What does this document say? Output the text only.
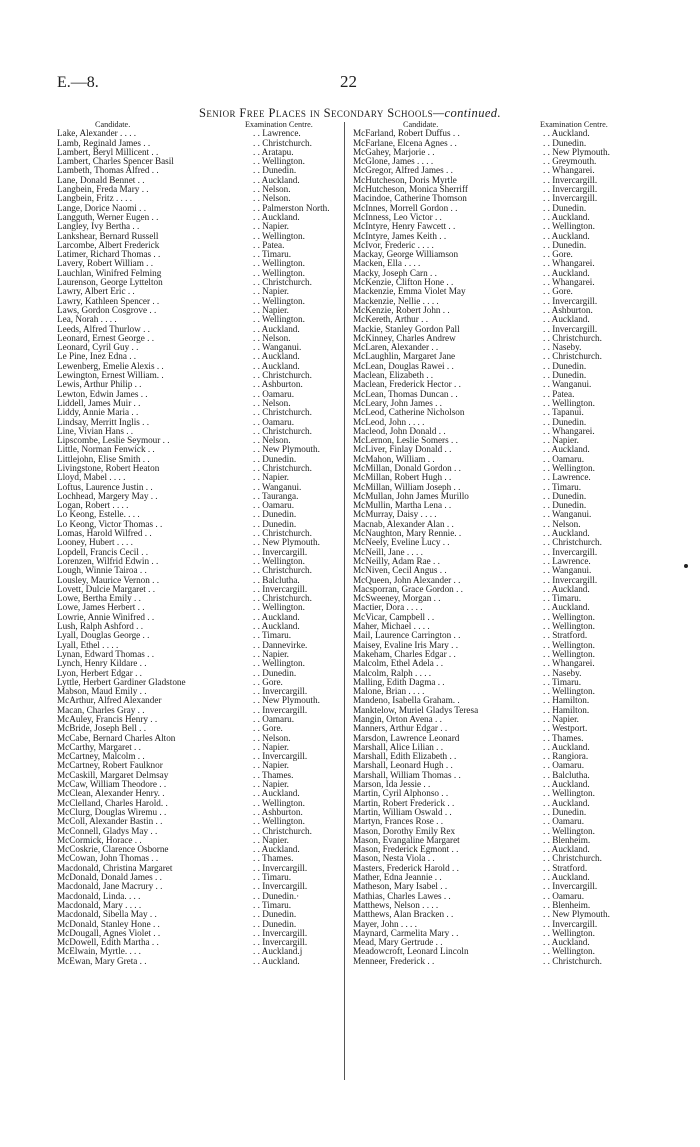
E.—8.	22
Senior Free Places in Secondary Schools—continued.
Candidate.	Examination Centre.
Lake, Alexander . . . .	. . Lawrence.
Lamb, Reginald James . .	. . Christchurch.
Lambert, Beryl Millicent . .	. . Aratapu.
Lambert, Charles Spencer Basil	. . Wellington.
Lambeth, Thomas Alfred . .	. . Dunedin.
Lane, Donald Bennet . .	. . Auckland.
Langbein, Freda Mary . .	. . Nelson.
Langbein, Fritz . . . .	. . Nelson.
Lange, Dorice Naomi . .	. . Palmerston North.
Langguth, Werner Eugen . .	. . Auckland.
Langley, Ivy Bertha . .	. . Napier.
Lankshear, Bernard Russell	. . Wellington.
Larcombe, Albert Frederick	. . Patea.
Latimer, Richard Thomas . .	. . Timaru.
Lavery, Robert William . .	. . Wellington.
Lauchlan, Winifred Felming	. . Wellington.
Laurenson, George Lyttelton	. . Christchurch.
Lawry, Albert Eric . .	. . Napier.
Lawry, Kathleen Spencer . .	. . Wellington.
Laws, Gordon Cosgrove . .	. . Napier.
Lea, Norah . . . .	. . Wellington.
Leeds, Alfred Thurlow . .	. . Auckland.
Leonard, Ernest George . .	. . Nelson.
Leonard, Cyril Guy . .	. . Wanganui.
Le Pine, Inez Edna . .	. . Auckland.
Lewenberg, Emelie Alexis . .	. . Auckland.
Lewington, Ernest William. .	. . Christchurch.
Lewis, Arthur Philip . .	. . Ashburton.
Lewton, Edwin James . .	. . Oamaru.
Liddell, James Muir . .	. . Nelson.
Liddy, Annie Maria . .	. . Christchurch.
Lindsay, Merritt Inglis . .	. . Oamaru.
Line, Vivian Hans . .	. . Christchurch.
Lipscombe, Leslie Seymour . .	. . Nelson.
Little, Norman Fenwick . .	. . New Plymouth.
Littlejohn, Elise Smith . .	. . Dunedin.
Livingstone, Robert Heaton	. . Christchurch.
Lloyd, Mabel . . . .	. . Napier.
Loftus, Laurence Justin . .	. . Wanganui.
Lochhead, Margery May . .	. . Tauranga.
Logan, Robert . . . .	. . Oamaru.
Lo Keong, Estelle. . . .	. . Dunedin.
Lo Keong, Victor Thomas . .	. . Dunedin.
Lomas, Harold Wilfred . .	. . Christchurch.
Looney, Hubert . . . .	. . New Plymouth.
Lopdell, Francis Cecil . .	. . Invercargill.
Lorenzen, Wilfrid Edwin . .	. . Wellington.
Lough, Winnie Tairoa . .	. . Christchurch.
Lousley, Maurice Vernon . .	. . Balclutha.
Lovett, Dulcie Margaret . .	. . Invercargill.
Lowe, Bertha Emily . .	. . Christchurch.
Lowe, James Herbert . .	. . Wellington.
Lowrie, Annie Winifred . .	. . Auckland.
Lush, Ralph Ashford . .	. . Auckland.
Lyall, Douglas George . .	. . Timaru.
Lyall, Ethel . . . .	. . Dannevirke.
Lynan, Edward Thomas . .	. . Napier.
Lynch, Henry Kildare . .	. . Wellington.
Lyon, Herbert Edgar . .	. . Dunedin.
Lyttle, Herbert Gardiner Gladstone	. . Gore.
Mabson, Maud Emily . .	. . Invercargill.
McArthur, Alfred Alexander	. . New Plymouth.
Macan, Charles Gray . .	. . Invercargill.
McAuley, Francis Henry . .	. . Oamaru.
McBride, Joseph Bell . .	. . Gore.
McCabe, Bernard Charles Alton	. . Nelson.
McCarthy, Margaret . .	. . Napier.
McCartney, Malcolm . .	. . Invercargill.
McCartney, Robert Faulknor	. . Napier.
McCaskill, Margaret Delmsay	. . Thames.
McCaw, William Theodore . .	. . Napier.
McClean, Alexander Henry. .	. . Auckland.
McClelland, Charles Harold. .	. . Wellington.
McClurg, Douglas Wiremu . .	. . Ashburton.
McColl, Alexander Bastin . .	. . Wellington.
McConnell, Gladys May . .	. . Christchurch.
McCormick, Horace . .	. . Napier.
McCoskrie, Clarence Osborne	. . Auckland.
McCowan, John Thomas . .	. . Thames.
Macdonald, Christina Margaret	. . Invercargill.
McDonald, Donald James . .	. . Timaru.
Macdonald, Jane Macrury . .	. . Invercargill.
Macdonald, Linda. . . .	. . Dunedin.·
Macdonald, Mary . . . .	. . Timaru.
Macdonald, Sibella May . .	. . Dunedin.
McDonald, Stanley Hone . .	. . Dunedin.
McDougall, Agnes Violet . .	. . Invercargill.
McDowell, Edith Martha . .	. . Invercargill.
McElwain, Myrtle. . . .	. . Auckland.j
McEwan, Mary Greta . .	. . Auckland.
Candidate.	Examination Centre.
McFarland, Robert Duffus . .	. . Auckland.
McFarlane, Elcena Agnes . .	. . Dunedin.
McGahey, Marjorie . .	. . New Plymouth.
McGlone, James . . . .	. . Greymouth.
McGregor, Alfred James . .	. . Whangarei.
McHutcheson, Doris Myrtle	. . Invercargill.
McHutcheson, Monica Sherriff	. . Invercargill.
Macindoe, Catherine Thomson	. . Invercargill.
McInnes, Morrell Gordon . .	. . Dunedin.
McInness, Leo Victor . .	. . Auckland.
McIntyre, Henry Fawcett . .	. . Wellington.
McIntyre, James Keith . .	. . Auckland.
McIvor, Frederic . . . .	. . Dunedin.
Mackay, George Williamson	. . Gore.
Macken, Ella . . . .	. . Whangarei.
Macky, Joseph Carn . .	. . Auckland.
McKenzie, Clifton Hone . .	. . Whangarei.
Mackenzie, Emma Violet May	. . Gore.
Mackenzie, Nellie . . . .	. . Invercargill.
McKenzie, Robert John . .	. . Ashburton.
McKereth, Arthur . .	. . Auckland.
Mackie, Stanley Gordon Pall	. . Invercargill.
McKinney, Charles Andrew	. . Christchurch.
McLaren, Alexander . .	. . Naseby.
McLaughlin, Margaret Jane	. . Christchurch.
McLean, Douglas Rawei . .	. . Dunedin.
Maclean, Elizabeth . .	. . Dunedin.
Maclean, Frederick Hector . .	. . Wanganui.
McLean, Thomas Duncan . .	. . Patea.
McLeary, John James . .	. . Wellington.
McLeod, Catherine Nicholson	. . Tapanui.
McLeod, John . . . .	. . Dunedin.
Macleod, John Donald . .	. . Whangarei.
McLernon, Leslie Somers . .	. . Napier.
McLiver, Finlay Donald . .	. . Auckland.
McMahon, William . .	. . Oamaru.
McMillan, Donald Gordon . .	. . Wellington.
McMillan, Robert Hugh . .	. . Lawrence.
McMillan, William Joseph . .	. . Timaru.
McMullan, John James Murillo	. . Dunedin.
McMullin, Martha Lena . .	. . Dunedin.
McMurray, Daisy . . . .	. . Wanganui.
Macnab, Alexander Alan . .	. . Nelson.
McNaughton, Mary Rennie. .	. . Auckland.
McNeely, Eveline Lucy . .	. . Christchurch.
McNeill, Jane . . . .	. . Invercargill.
McNeilly, Adam Rae . .	. . Lawrence.
McNiven, Cecil Angus . .	. . Wanganui.
McQueen, John Alexander . .	. . Invercargill.
Macsporran, Grace Gordon . .	. . Auckland.
McSweeney, Morgan . .	. . Timaru.
Mactier, Dora . . . .	. . Auckland.
McVicar, Campbell . .	. . Wellington.
Maher, Michael . . . .	. . Wellington.
Mail, Laurence Carrington . .	. . Stratford.
Maisey, Evaline Iris Mary . .	. . Wellington.
Makeham, Charles Edgar . .	. . Wellington.
Malcolm, Ethel Adela . .	. . Whangarei.
Malcolm, Ralph . . . .	. . Naseby.
Malling, Edith Dagma . .	. . Timaru.
Malone, Brian . . . .	. . Wellington.
Mandeno, Isabella Graham. .	. . Hamilton.
Manktelow, Muriel Gladys Teresa	. . Hamilton.
Mangin, Orton Avena . .	. . Napier.
Manners, Arthur Edgar . .	. . Westport.
Marsdon, Lawrence Leonard	. . Thames.
Marshall, Alice Lilian . .	. . Auckland.
Marshall, Edith Elizabeth . .	. . Rangiora.
Marshall, Leonard Hugh . .	. . Oamaru.
Marshall, William Thomas . .	. . Balclutha.
Marson, Ida Jessie . .	. . Auckland.
Martin, Cyril Alphonso . .	. . Wellington.
Martin, Robert Frederick . .	. . Auckland.
Martin, William Oswald . .	. . Dunedin.
Martyn, Frances Rose . .	. . Oamaru.
Mason, Dorothy Emily Rex	. . Wellington.
Mason, Evangaline Margaret	. . Blenheim.
Mason, Frederick Egmont . .	. . Auckland.
Mason, Nesta Viola . .	. . Christchurch.
Masters, Frederick Harold . .	. . Stratford.
Mather, Edna Jeannie . .	. . Auckland.
Matheson, Mary Isabel . .	. . Invercargill.
Mathias, Charles Lawes . .	. . Oamaru.
Matthews, Nelson . . . .	. . Blenheim.
Matthews, Alan Bracken . .	. . New Plymouth.
Mayer, John . . . .	. . Invercargill.
Maynard, Carmelita Mary . .	. . Wellington.
Mead, Mary Gertrude . .	. . Auckland.
Meadowcroft, Leonard Lincoln	. . Wellington.
Menneer, Frederick . .	. . Christchurch.
